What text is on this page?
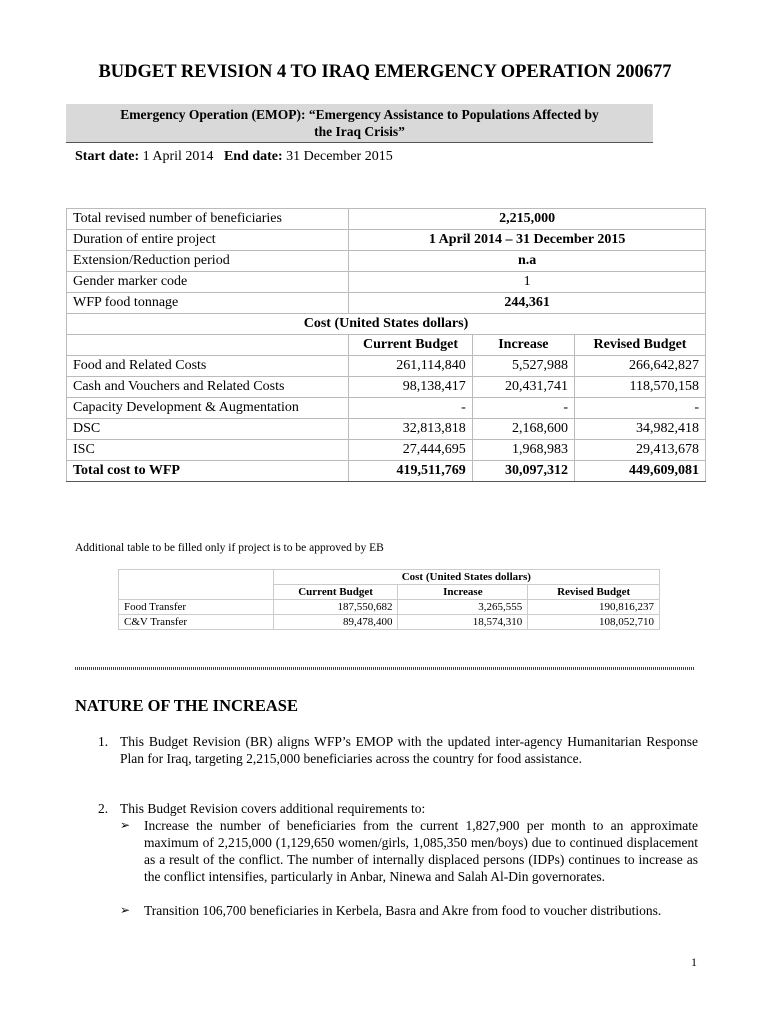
BUDGET REVISION 4 TO IRAQ EMERGENCY OPERATION 200677
Emergency Operation (EMOP): “Emergency Assistance to Populations Affected by
the Iraq Crisis”
Start date: 1 April 2014 End date: 31 December 2015
Total revised number of beneficiaries	2,215,000		
Duration of entire project	1 April 2014 – 31 December 2015		
Extension/Reduction period	n.a		
Gender marker code	1		
WFP food tonnage	244,361		
Cost (United States dollars)			
	Current Budget	Increase	Revised Budget
Food and Related Costs	261,114,840	5,527,988	266,642,827
Cash and Vouchers and Related Costs	98,138,417	20,431,741	118,570,158
Capacity Development & Augmentation	-	-	-
DSC	32,813,818	2,168,600	34,982,418
ISC	27,444,695	1,968,983	29,413,678
Total cost to WFP	419,511,769	30,097,312	449,609,081
Additional table to be filled only if project is to be approved by EB
	Cost (United States dollars)		
	Current Budget	Increase	Revised Budget
Food Transfer	187,550,682	3,265,555	190,816,237
C&V Transfer	89,478,400	18,574,310	108,052,710
NATURE OF THE INCREASE
1. This Budget Revision (BR) aligns WFP’s EMOP with the updated inter-agency Humanitarian Response Plan for Iraq, targeting 2,215,000 beneficiaries across the country for food assistance.
2. This Budget Revision covers additional requirements to:
➢ Increase the number of beneficiaries from the current 1,827,900 per month to an approximate maximum of 2,215,000 (1,129,650 women/girls, 1,085,350 men/boys) due to continued displacement as a result of the conflict. The number of internally displaced persons (IDPs) continues to increase as the conflict intensifies, particularly in Anbar, Ninewa and Salah Al-Din governorates.
➢ Transition 106,700 beneficiaries in Kerbela, Basra and Akre from food to voucher distributions.
1
